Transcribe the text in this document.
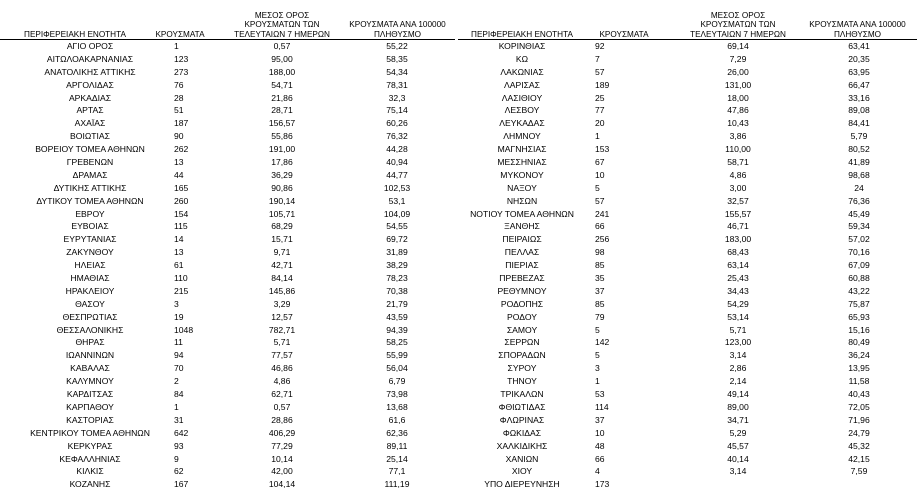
ΠΕΡΙΦΕΡΕΙΑΚΗ ΕΝΟΤΗΤΑ	ΚΡΟΥΣΜΑΤΑ
ΜΕΣΟΣ ΟΡΟΣ
ΚΡΟΥΣΜΑΤΩΝ ΤΩΝ
ΤΕΛΕΥΤΑΙΩΝ 7 ΗΜΕΡΩΝ
ΚΡΟΥΣΜΑΤΑ ΑΝΑ 100000
ΠΛΗΘΥΣΜΟ
ΑΓΙΟ ΟΡΟΣ	1	0,57	55,22
ΑΙΤΩΛΟΑΚΑΡΝΑΝΙΑΣ	123	95,00	58,35
ΑΝΑΤΟΛΙΚΗΣ ΑΤΤΙΚΗΣ	273	188,00	54,34
ΑΡΓΟΛΙΔΑΣ	76	54,71	78,31
ΑΡΚΑΔΙΑΣ	28	21,86	32,3
ΑΡΤΑΣ	51	28,71	75,14
ΑΧΑΪΑΣ	187	156,57	60,26
ΒΟΙΩΤΙΑΣ	90	55,86	76,32
ΒΟΡΕΙΟΥ ΤΟΜΕΑ ΑΘΗΝΩΝ	262	191,00	44,28
ΓΡΕΒΕΝΩΝ	13	17,86	40,94
ΔΡΑΜΑΣ	44	36,29	44,77
ΔΥΤΙΚΗΣ ΑΤΤΙΚΗΣ	165	90,86	102,53
ΔΥΤΙΚΟΥ ΤΟΜΕΑ ΑΘΗΝΩΝ	260	190,14	53,1
ΕΒΡΟΥ	154	105,71	104,09
ΕΥΒΟΙΑΣ	115	68,29	54,55
ΕΥΡΥΤΑΝΙΑΣ	14	15,71	69,72
ΖΑΚΥΝΘΟΥ	13	9,71	31,89
ΗΛΕΙΑΣ	61	42,71	38,29
ΗΜΑΘΙΑΣ	110	84,14	78,23
ΗΡΑΚΛΕΙΟΥ	215	145,86	70,38
ΘΑΣΟΥ	3	3,29	21,79
ΘΕΣΠΡΩΤΙΑΣ	19	12,57	43,59
ΘΕΣΣΑΛΟΝΙΚΗΣ	1048	782,71	94,39
ΘΗΡΑΣ	11	5,71	58,25
ΙΩΑΝΝΙΝΩΝ	94	77,57	55,99
ΚΑΒΑΛΑΣ	70	46,86	56,04
ΚΑΛΥΜΝΟΥ	2	4,86	6,79
ΚΑΡΔΙΤΣΑΣ	84	62,71	73,98
ΚΑΡΠΑΘΟΥ	1	0,57	13,68
ΚΑΣΤΟΡΙΑΣ	31	28,86	61,6
ΚΕΝΤΡΙΚΟΥ ΤΟΜΕΑ ΑΘΗΝΩΝ	642	406,29	62,36
ΚΕΡΚΥΡΑΣ	93	77,29	89,11
ΚΕΦΑΛΛΗΝΙΑΣ	9	10,14	25,14
ΚΙΛΚΙΣ	62	42,00	77,1
ΚΟΖΑΝΗΣ	167	104,14	111,19
ΠΕΡΙΦΕΡΕΙΑΚΗ ΕΝΟΤΗΤΑ	ΚΡΟΥΣΜΑΤΑ
ΜΕΣΟΣ ΟΡΟΣ
ΚΡΟΥΣΜΑΤΩΝ ΤΩΝ
ΤΕΛΕΥΤΑΙΩΝ 7 ΗΜΕΡΩΝ
ΚΡΟΥΣΜΑΤΑ ΑΝΑ 100000
ΠΛΗΘΥΣΜΟ
ΚΟΡΙΝΘΙΑΣ	92	69,14	63,41
ΚΩ	7	7,29	20,35
ΛΑΚΩΝΙΑΣ	57	26,00	63,95
ΛΑΡΙΣΑΣ	189	131,00	66,47
ΛΑΣΙΘΙΟΥ	25	18,00	33,16
ΛΕΣΒΟΥ	77	47,86	89,08
ΛΕΥΚΑΔΑΣ	20	10,43	84,41
ΛΗΜΝΟΥ	1	3,86	5,79
ΜΑΓΝΗΣΙΑΣ	153	110,00	80,52
ΜΕΣΣΗΝΙΑΣ	67	58,71	41,89
ΜΥΚΟΝΟΥ	10	4,86	98,68
ΝΑΞΟΥ	5	3,00	24
ΝΗΣΩΝ	57	32,57	76,36
ΝΟΤΙΟΥ ΤΟΜΕΑ ΑΘΗΝΩΝ	241	155,57	45,49
ΞΑΝΘΗΣ	66	46,71	59,34
ΠΕΙΡΑΙΩΣ	256	183,00	57,02
ΠΕΛΛΑΣ	98	68,43	70,16
ΠΙΕΡΙΑΣ	85	63,14	67,09
ΠΡΕΒΕΖΑΣ	35	25,43	60,88
ΡΕΘΥΜΝΟΥ	37	34,43	43,22
ΡΟΔΟΠΗΣ	85	54,29	75,87
ΡΟΔΟΥ	79	53,14	65,93
ΣΑΜΟΥ	5	5,71	15,16
ΣΕΡΡΩΝ	142	123,00	80,49
ΣΠΟΡΑΔΩΝ	5	3,14	36,24
ΣΥΡΟΥ	3	2,86	13,95
ΤΗΝΟΥ	1	2,14	11,58
ΤΡΙΚΑΛΩΝ	53	49,14	40,43
ΦΘΙΩΤΙΔΑΣ	114	89,00	72,05
ΦΛΩΡΙΝΑΣ	37	34,71	71,96
ΦΩΚΙΔΑΣ	10	5,29	24,79
ΧΑΛΚΙΔΙΚΗΣ	48	45,57	45,32
ΧΑΝΙΩΝ	66	40,14	42,15
ΧΙΟΥ	4	3,14	7,59
ΥΠΟ ΔΙΕΡΕΥΝΗΣΗ	173
